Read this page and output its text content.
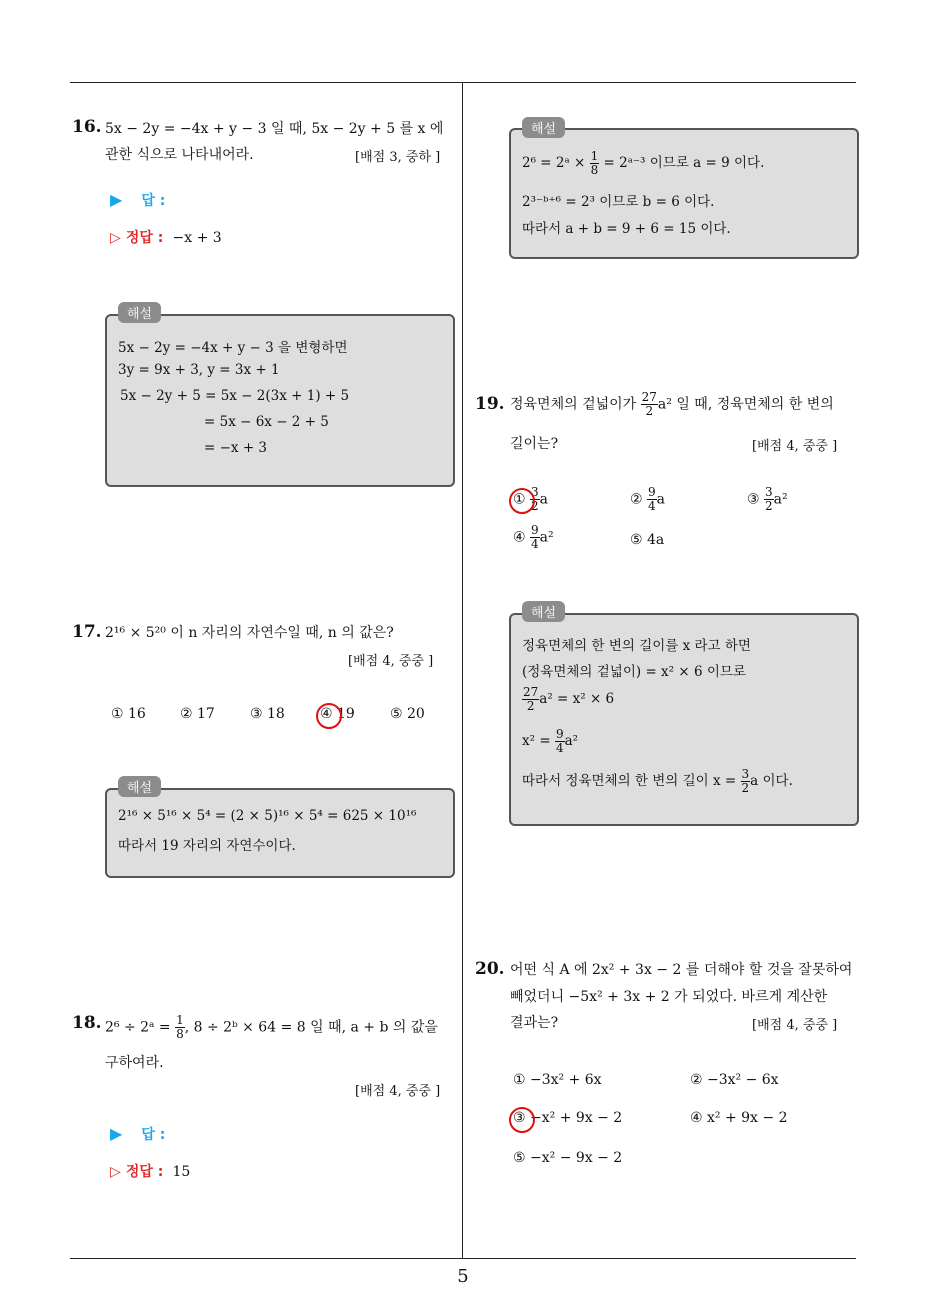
5
16. 5x − 2y = −4x + y − 3 일 때, 5x − 2y + 5 를 x 에
관한 식으로 나타내어라.	[배점 3, 중하 ]
▶ 답 :
▷ 정답 : −x + 3
해설
5x − 2y = −4x + y − 3 을 변형하면
3y = 9x + 3, y = 3x + 1
5x − 2y + 5 = 5x − 2(3x + 1) + 5
= 5x − 6x − 2 + 5
= −x + 3
17. 2¹⁶ × 5²⁰ 이 n 자리의 자연수일 때, n 의 값은?
[배점 4, 중중 ]
① 16 ② 17	③ 18	④ 19	⑤ 20
해설
2¹⁶ × 5¹⁶ × 5⁴ = (2 × 5)¹⁶ × 5⁴ = 625 × 10¹⁶
따라서 19 자리의 자연수이다.
18. 2⁶ ÷ 2ᵃ = $\frac{1}{8}$ , 8 ÷ 2ᵇ × 64 = 8 일 때, a + b 의 값을
구하여라.
[배점 4, 중중 ]
▶ 답 :
▷ 정답 : 15
해설
2⁶ = 2ᵃ × $\frac{1}{8}$ = 2ᵃ⁻³ 이므로 a = 9 이다.
2³⁻ᵇ⁺⁶ = 2³ 이므로 b = 6 이다.
따라서 a + b = 9 + 6 = 15 이다.
19. 정육면체의 겉넓이가 $\frac{27}{2} a^2$ 일 때, 정육면체의 한 변의
길이는?	[배점 4, 중중 ]
① $\frac{3}{2}$ a	② $\frac{9}{4}$ a	③ $\frac{3}{2} a^2$
④ $\frac{9}{4} a^2$	⑤ 4a
해설
정육면체의 한 변의 길이를 x 라고 하면
(정육면체의 겉넓이) = x² × 6 이므로
$\frac{27}{2} a^2 = x^2 \times 6$
$x^2 = \frac{9}{4} a^2$
따라서 정육면체의 한 변의 길이 $x = \frac{3}{2}$ a 이다.
20. 어떤 식 A 에 2x² + 3x − 2 를 더해야 할 것을 잘못하여
빼었더니 −5x² + 3x + 2 가 되었다. 바르게 계산한
결과는?	[배점 4, 중중 ]
① −3x² + 6x	② −3x² − 6x
③ −x² + 9x − 2	④ x² + 9x − 2
⑤ −x² − 9x − 2
